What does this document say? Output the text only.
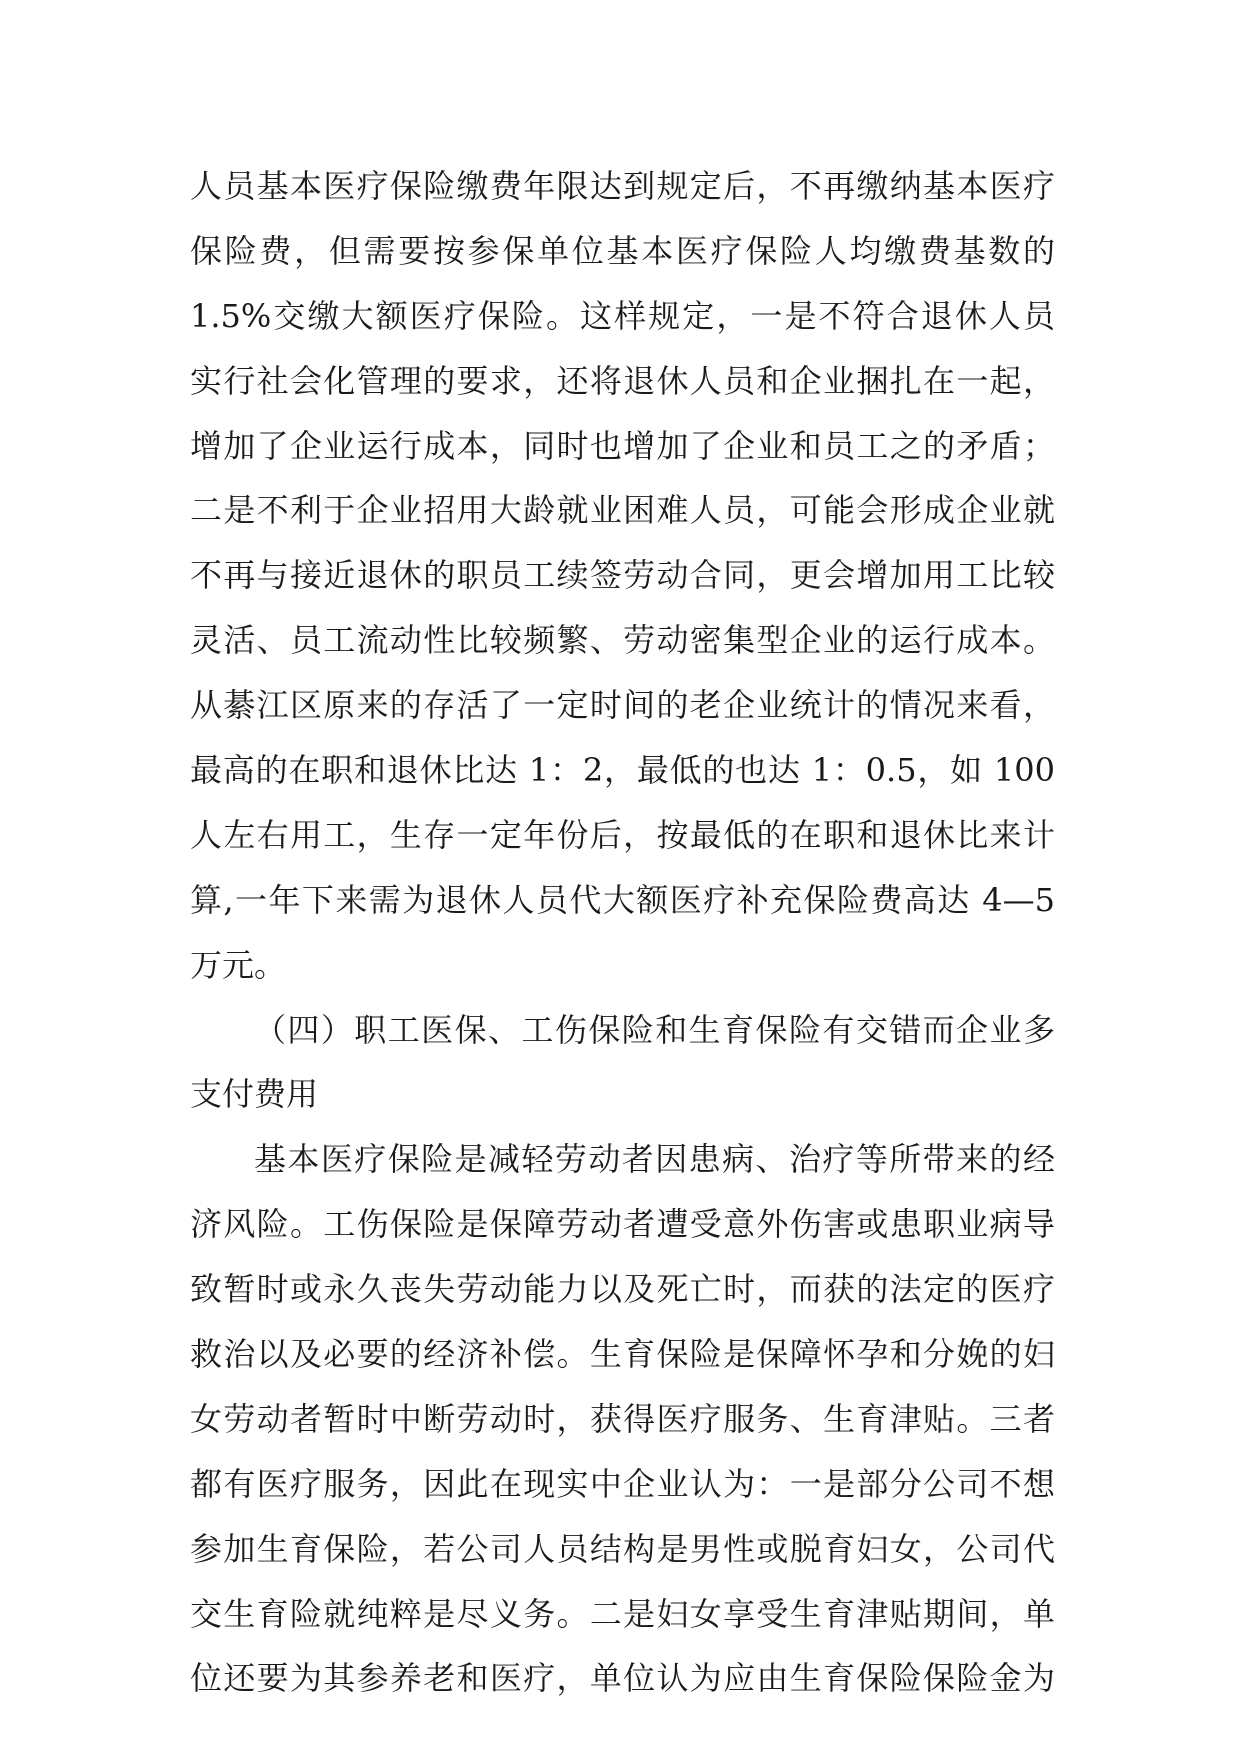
人员基本医疗保险缴费年限达到规定后，不再缴纳基本医疗
保险费，但需要按参保单位基本医疗保险人均缴费基数的
1.5%交缴大额医疗保险。这样规定，一是不符合退休人员
实行社会化管理的要求，还将退休人员和企业捆扎在一起，
增加了企业运行成本，同时也增加了企业和员工之的矛盾；
二是不利于企业招用大龄就业困难人员，可能会形成企业就
不再与接近退休的职员工续签劳动合同，更会增加用工比较
灵活、员工流动性比较频繁、劳动密集型企业的运行成本。
从綦江区原来的存活了一定时间的老企业统计的情况来看，
最高的在职和退休比达 1：2，最低的也达 1：0.5，如 100
人左右用工，生存一定年份后，按最低的在职和退休比来计
算,一年下来需为退休人员代大额医疗补充保险费高达 4—5
万元。
（四）职工医保、工伤保险和生育保险有交错而企业多
支付费用
基本医疗保险是减轻劳动者因患病、治疗等所带来的经
济风险。工伤保险是保障劳动者遭受意外伤害或患职业病导
致暂时或永久丧失劳动能力以及死亡时，而获的法定的医疗
救治以及必要的经济补偿。生育保险是保障怀孕和分娩的妇
女劳动者暂时中断劳动时，获得医疗服务、生育津贴。三者
都有医疗服务，因此在现实中企业认为：一是部分公司不想
参加生育保险，若公司人员结构是男性或脱育妇女，公司代
交生育险就纯粹是尽义务。二是妇女享受生育津贴期间，单
位还要为其参养老和医疗，单位认为应由生育保险保险金为
